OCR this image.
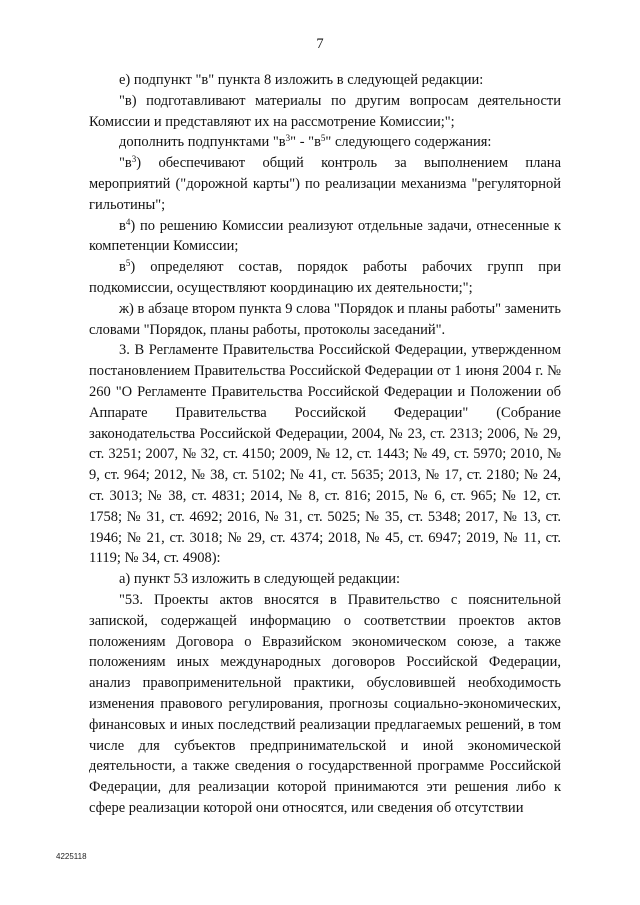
7

е) подпункт "в" пункта 8 изложить в следующей редакции:

"в) подготавливают материалы по другим вопросам деятельности Комиссии и представляют их на рассмотрение Комиссии;";

дополнить подпунктами "$в^3$" - "$в^5$" следующего содержания:

"$в^3$) обеспечивают общий контроль за выполнением плана мероприятий ("дорожной карты") по реализации механизма "регуляторной гильотины";

$в^4$) по решению Комиссии реализуют отдельные задачи, отнесенные к компетенции Комиссии;

$в^5$) определяют состав, порядок работы рабочих групп при подкомиссии, осуществляют координацию их деятельности;";

ж) в абзаце втором пункта 9 слова "Порядок и планы работы" заменить словами "Порядок, планы работы, протоколы заседаний".

3. В Регламенте Правительства Российской Федерации, утвержденном постановлением Правительства Российской Федерации от 1 июня 2004 г. № 260 "О Регламенте Правительства Российской Федерации и Положении об Аппарате Правительства Российской Федерации" (Собрание законодательства Российской Федерации, 2004, № 23, ст. 2313; 2006, № 29, ст. 3251; 2007, № 32, ст. 4150; 2009, № 12, ст. 1443; № 49, ст. 5970; 2010, № 9, ст. 964; 2012, № 38, ст. 5102; № 41, ст. 5635; 2013, № 17, ст. 2180; № 24, ст. 3013; № 38, ст. 4831; 2014, № 8, ст. 816; 2015, № 6, ст. 965; № 12, ст. 1758; № 31, ст. 4692; 2016, № 31, ст. 5025; № 35, ст. 5348; 2017, № 13, ст. 1946; № 21, ст. 3018; № 29, ст. 4374; 2018, № 45, ст. 6947; 2019, № 11, ст. 1119; № 34, ст. 4908):

а) пункт 53 изложить в следующей редакции:

"53. Проекты актов вносятся в Правительство с пояснительной запиской, содержащей информацию о соответствии проектов актов положениям Договора о Евразийском экономическом союзе, а также положениям иных международных договоров Российской Федерации, анализ правоприменительной практики, обусловившей необходимость изменения правового регулирования, прогнозы социально-экономических, финансовых и иных последствий реализации предлагаемых решений, в том числе для субъектов предпринимательской и иной экономической деятельности, а также сведения о государственной программе Российской Федерации, для реализации которой принимаются эти решения либо к сфере реализации которой они относятся, или сведения об отсутствии

4225118
